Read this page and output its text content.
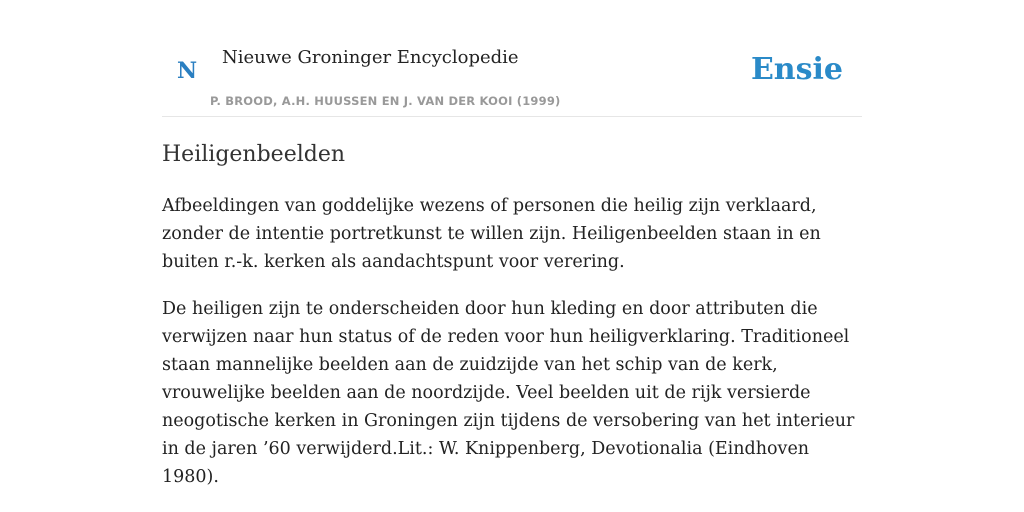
N
Nieuwe Groninger Encyclopedie
P. BROOD, A.H. HUUSSEN EN J. VAN DER KOOI (1999)
Ensie
Heiligenbeelden

Afbeeldingen van goddelijke wezens of personen die heilig zijn verklaard, zonder de intentie portretkunst te willen zijn. Heiligenbeelden staan in en buiten r.-k. kerken als aandachtspunt voor verering.

De heiligen zijn te onderscheiden door hun kleding en door attributen die verwijzen naar hun status of de reden voor hun heiligverklaring. Traditioneel staan mannelijke beelden aan de zuidzijde van het schip van de kerk, vrouwelijke beelden aan de noordzijde. Veel beelden uit de rijk versierde neogotische kerken in Groningen zijn tijdens de versobering van het interieur in de jaren ’60 verwijderd.Lit.: W. Knippenberg, Devotionalia (Eindhoven 1980).
